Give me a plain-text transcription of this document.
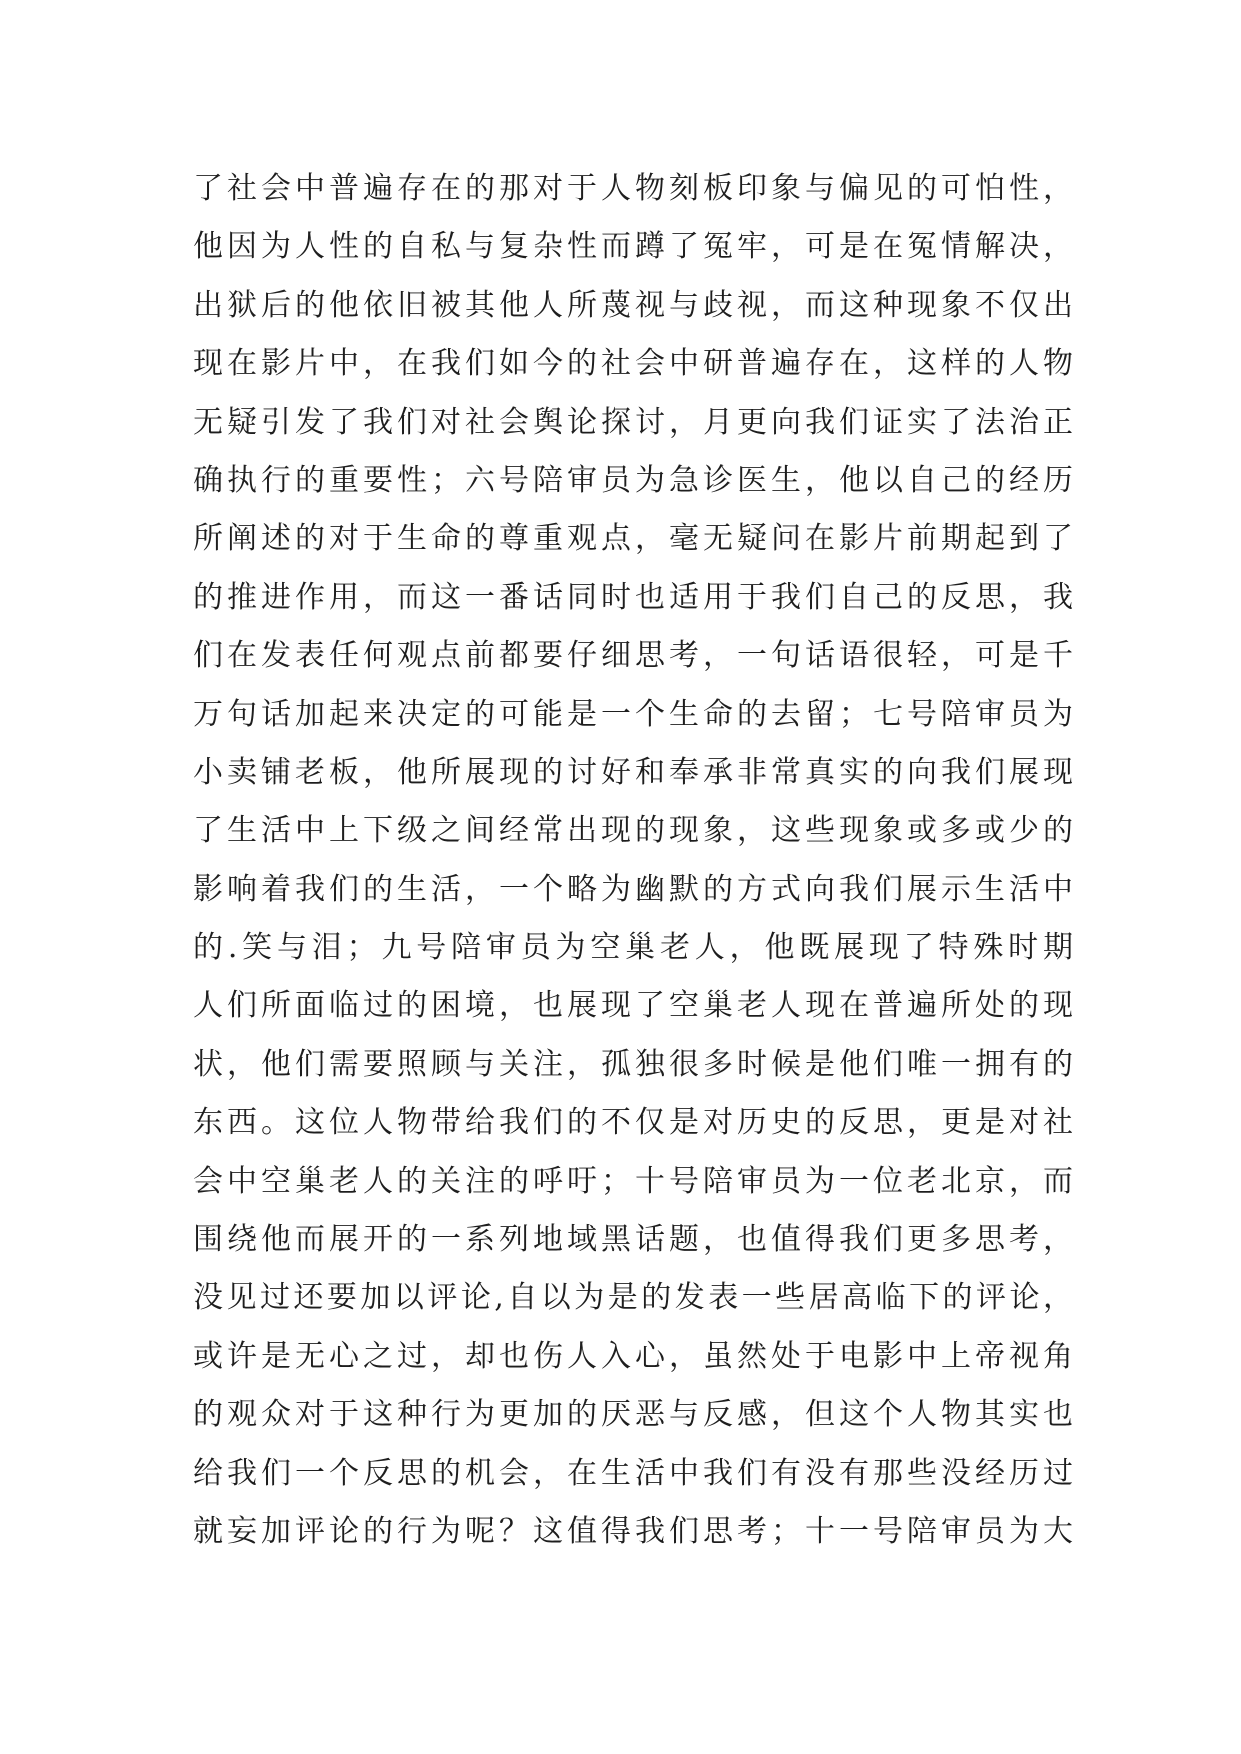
了社会中普遍存在的那对于人物刻板印象与偏见的可怕性，
他因为人性的自私与复杂性而蹲了冤牢，可是在冤情解决，
出狱后的他依旧被其他人所蔑视与歧视，而这种现象不仅出
现在影片中，在我们如今的社会中研普遍存在，这样的人物
无疑引发了我们对社会舆论探讨，月更向我们证实了法治正
确执行的重要性；六号陪审员为急诊医生，他以自己的经历
所阐述的对于生命的尊重观点，毫无疑问在影片前期起到了
的推进作用，而这一番话同时也适用于我们自己的反思，我
们在发表任何观点前都要仔细思考，一句话语很轻，可是千
万句话加起来决定的可能是一个生命的去留；七号陪审员为
小卖铺老板，他所展现的讨好和奉承非常真实的向我们展现
了生活中上下级之间经常出现的现象，这些现象或多或少的
影响着我们的生活，一个略为幽默的方式向我们展示生活中
的.笑与泪；九号陪审员为空巢老人，他既展现了特殊时期
人们所面临过的困境，也展现了空巢老人现在普遍所处的现
状，他们需要照顾与关注，孤独很多时候是他们唯一拥有的
东西。这位人物带给我们的不仅是对历史的反思，更是对社
会中空巢老人的关注的呼吁；十号陪审员为一位老北京，而
围绕他而展开的一系列地域黑话题，也值得我们更多思考，
没见过还要加以评论,自以为是的发表一些居高临下的评论，
或许是无心之过，却也伤人入心，虽然处于电影中上帝视角
的观众对于这种行为更加的厌恶与反感，但这个人物其实也
给我们一个反思的机会，在生活中我们有没有那些没经历过
就妄加评论的行为呢？这值得我们思考；十一号陪审员为大
